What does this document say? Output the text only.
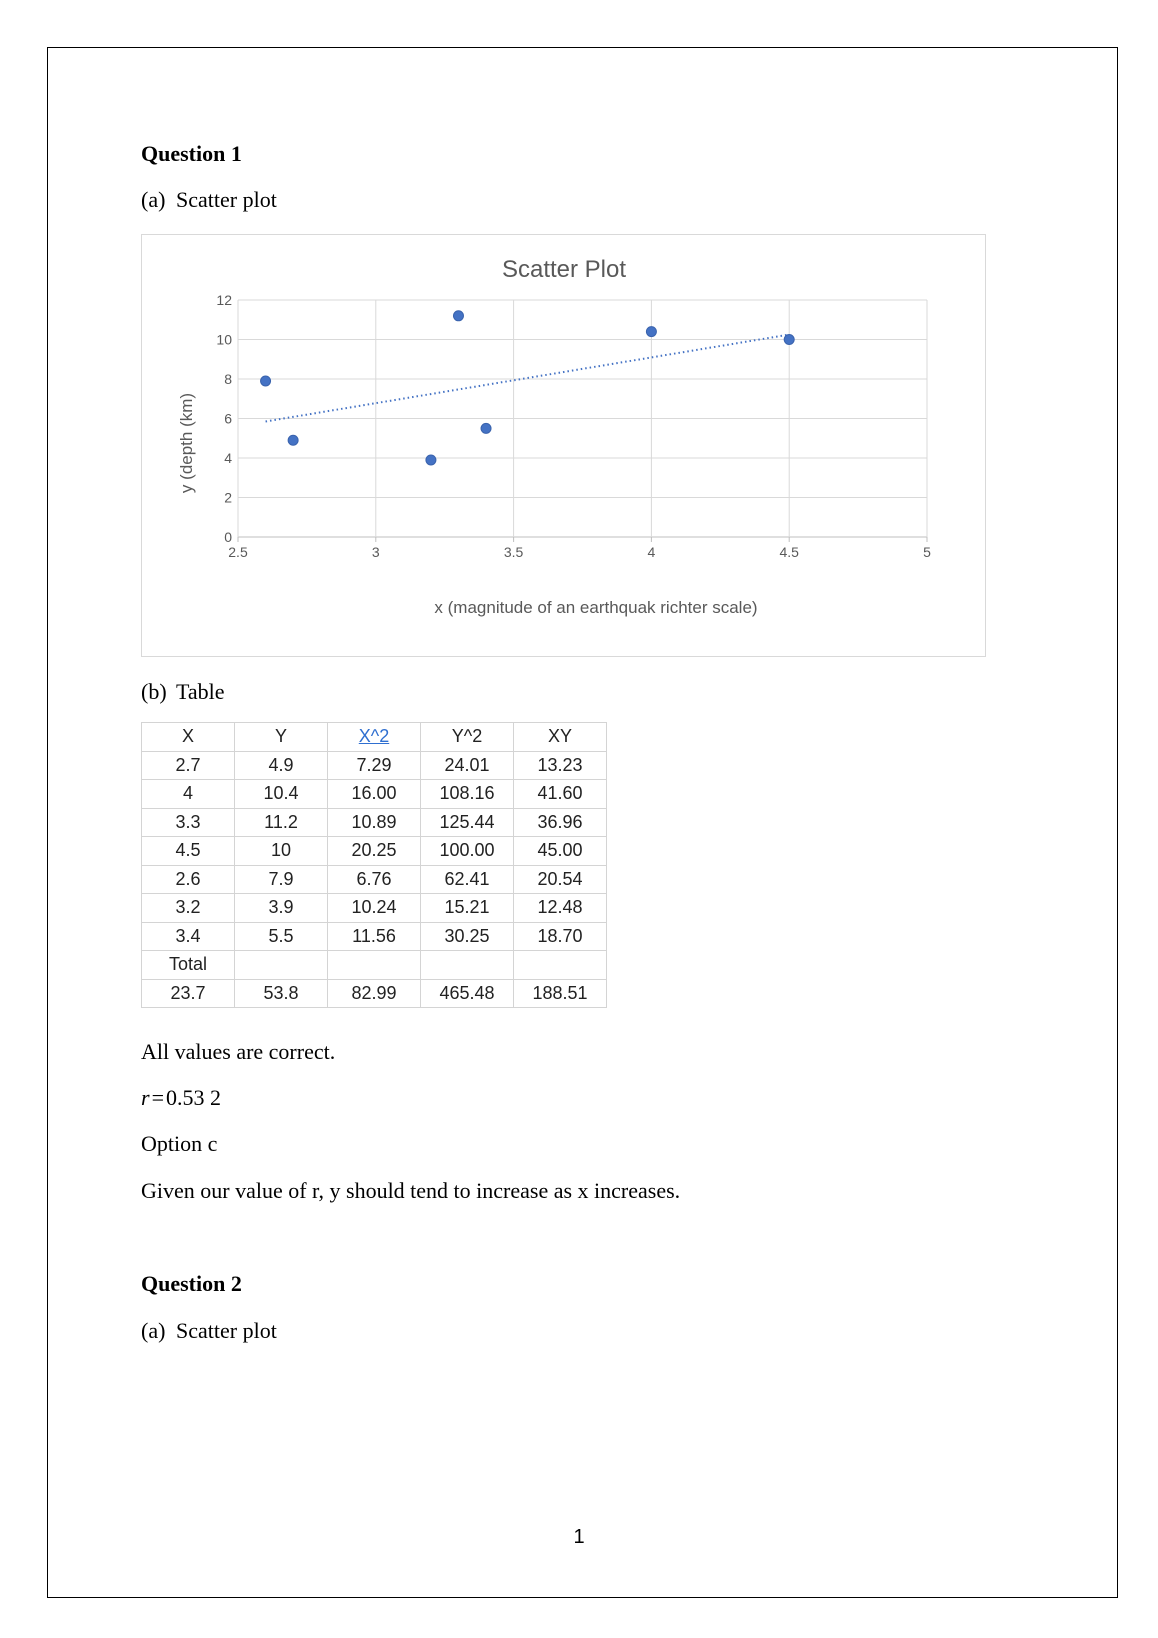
Question 1
(a) Scatter plot
0
2
4
6
8
10
12
2.5	3	3.5	4	4.5	5
Scatter Plot
x (magnitude of an earthquak richter scale)
y (depth (km)
(b) Table
X	Y	X^2	Y^2	XY
2.7	4.9	7.29	24.01	13.23
4	10.4	16.00	108.16	41.60
3.3	11.2	10.89	125.44	36.96
4.5	10	20.25	100.00	45.00
2.6	7.9	6.76	62.41	20.54
3.2	3.9	10.24	15.21	12.48
3.4	5.5	11.56	30.25	18.70
Total				
23.7	53.8	82.99	465.48	188.51
All values are correct.
r=0.53 2
Option c
Given our value of r, y should tend to increase as x increases.
Question 2
(a) Scatter plot
1
